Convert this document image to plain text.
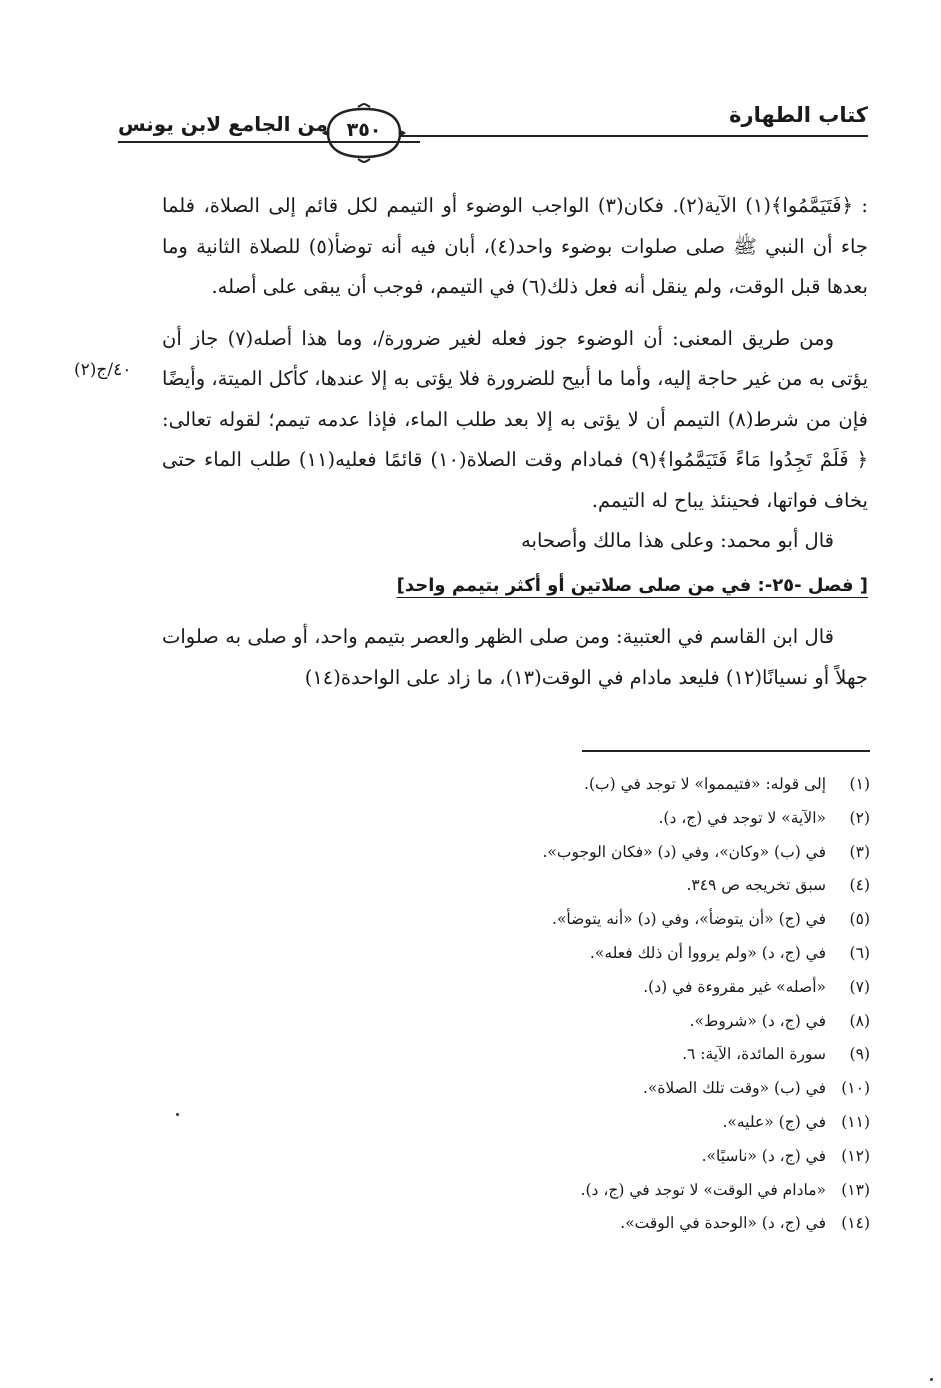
كتاب الطهارة
٣٥٠
من الجامع لابن يونس
٤٠/ج(٢)

: ﴿فَتَيَمَّمُوا﴾(١) الآية(٢). فكان(٣) الواجب الوضوء أو التيمم لكل قائم إلى الصلاة، فلما جاء أن النبي ﷺ صلى صلوات بوضوء واحد(٤)، أبان فيه أنه توضأ(٥) للصلاة الثانية وما بعدها قبل الوقت، ولم ينقل أنه فعل ذلك(٦) في التيمم، فوجب أن يبقى على أصله.

ومن طريق المعنى: أن الوضوء جوز فعله لغير ضرورة/، وما هذا أصله(٧) جاز أن يؤتى به من غير حاجة إليه، وأما ما أبيح للضرورة فلا يؤتى به إلا عندها، كأكل الميتة، وأيضًا فإن من شرط(٨) التيمم أن لا يؤتى به إلا بعد طلب الماء، فإذا عدمه تيمم؛ لقوله تعالى: ﴿ فَلَمْ تَجِدُوا مَاءً فَتَيَمَّمُوا﴾(٩) فمادام وقت الصلاة(١٠) قائمًا فعليه(١١) طلب الماء حتى يخاف فواتها، فحينئذ يباح له التيمم.

قال أبو محمد: وعلى هذا مالك وأصحابه

[ فصل -٢٥-: في من صلى صلاتين أو أكثر بتيمم واحد]

قال ابن القاسم في العتبية: ومن صلى الظهر والعصر بتيمم واحد، أو صلى به صلوات جهلاً أو نسيانًا(١٢) فليعد مادام في الوقت(١٣)، ما زاد على الواحدة(١٤)

(١)إلى قوله: «فتيمموا» لا توجد في (ب).
(٢)«الآية» لا توجد في (ج، د).
(٣)في (ب) «وكان»، وفي (د) «فكان الوجوب».
(٤)سبق تخريجه ص ٣٤٩.
(٥)في (ج) «أن يتوضأ»، وفي (د) «أنه يتوضأ».
(٦)في (ج، د) «ولم يرووا أن ذلك فعله».
(٧)«أصله» غير مقروءة في (د).
(٨)في (ج، د) «شروط».
(٩)سورة المائدة، الآية: ٦.
(١٠)في (ب) «وقت تلك الصلاة».
(١١)في (ج) «عليه».
(١٢)في (ج، د) «ناسيًا».
(١٣)«مادام في الوقت» لا توجد في (ج، د).
(١٤)في (ج، د) «الوحدة في الوقت».
